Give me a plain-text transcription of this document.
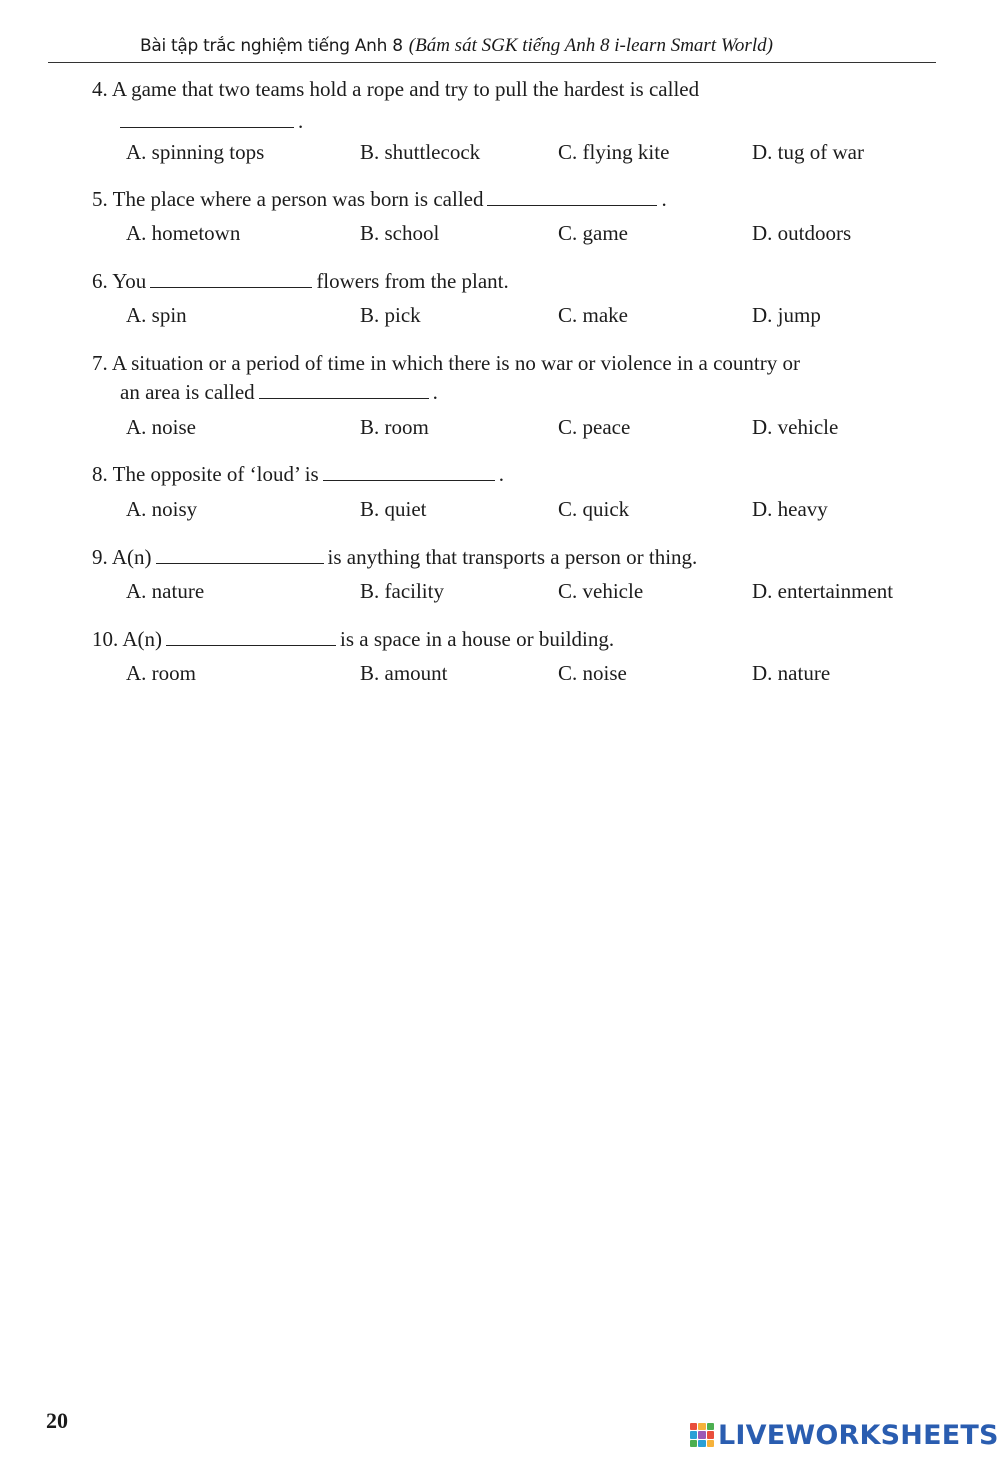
Bài tập trắc nghiệm tiếng Anh 8 (Bám sát SGK tiếng Anh 8 i-learn Smart World)
4. A game that two teams hold a rope and try to pull the hardest is called
.
A. spinning tops	B. shuttlecock	C. flying kite	D. tug of war
5. The place where a person was born is called	.
A. hometown	B. school	C. game	D. outdoors
6. You	flowers from the plant.
A. spin	B. pick	C. make	D. jump
7. A situation or a period of time in which there is no war or violence in a country or
an area is called	.
A. noise	B. room	C. peace	D. vehicle
8. The opposite of ‘loud’ is	.
A. noisy	B. quiet	C. quick	D. heavy
9. A(n)	is anything that transports a person or thing.
A. nature	B. facility	C. vehicle	D. entertainment
10. A(n)	is a space in a house or building.
A. room	B. amount	C. noise	D. nature
20	LIVEWORKSHEETS
